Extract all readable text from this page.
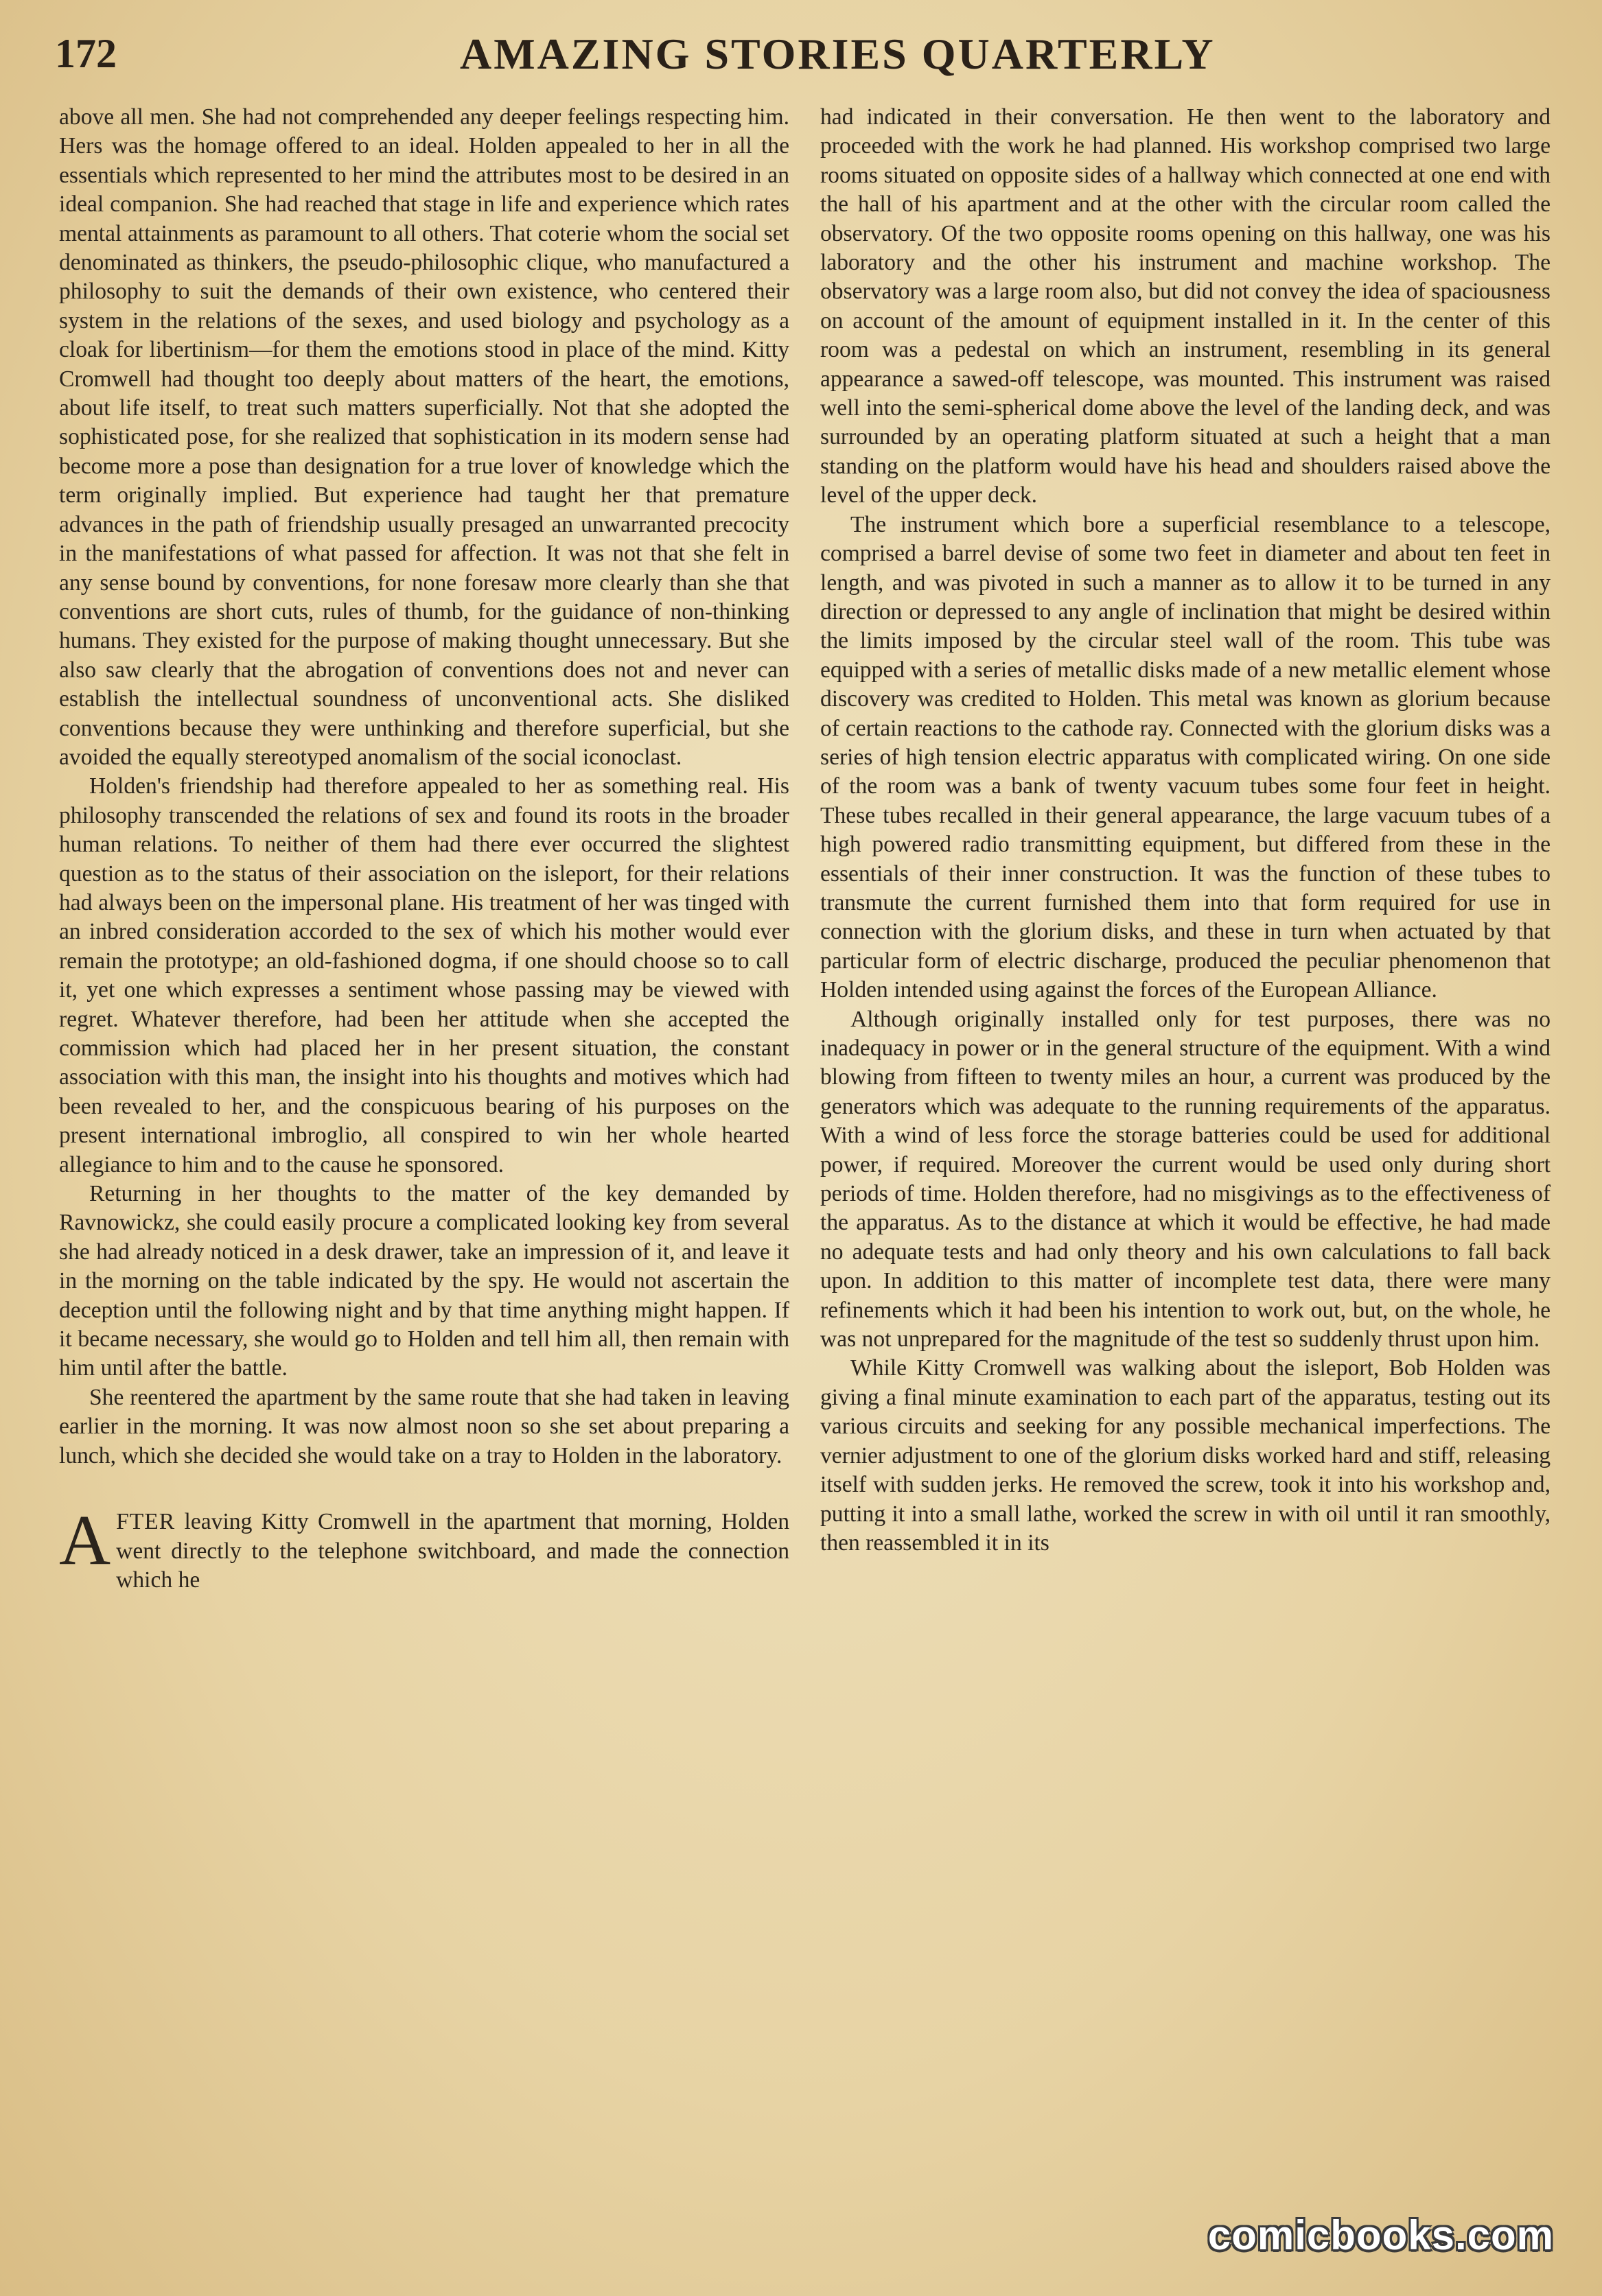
172	AMAZING STORIES QUARTERLY

above all men. She had not comprehended any deeper feelings respecting him. Hers was the homage offered to an ideal. Holden appealed to her in all the essentials which represented to her mind the attributes most to be desired in an ideal companion. She had reached that stage in life and experience which rates mental attainments as paramount to all others. That coterie whom the social set denominated as thinkers, the pseudo-philosophic clique, who manufactured a philosophy to suit the demands of their own existence, who centered their system in the relations of the sexes, and used biology and psychology as a cloak for libertinism—for them the emotions stood in place of the mind. Kitty Cromwell had thought too deeply about matters of the heart, the emotions, about life itself, to treat such matters superficially. Not that she adopted the sophisticated pose, for she realized that sophistication in its modern sense had become more a pose than designation for a true lover of knowledge which the term originally implied. But experience had taught her that premature advances in the path of friendship usually presaged an unwarranted precocity in the manifestations of what passed for affection. It was not that she felt in any sense bound by conventions, for none foresaw more clearly than she that conventions are short cuts, rules of thumb, for the guidance of non-thinking humans. They existed for the purpose of making thought unnecessary. But she also saw clearly that the abrogation of conventions does not and never can establish the intellectual soundness of unconventional acts. She disliked conventions because they were unthinking and therefore superficial, but she avoided the equally stereotyped anomalism of the social iconoclast.

Holden's friendship had therefore appealed to her as something real. His philosophy transcended the relations of sex and found its roots in the broader human relations. To neither of them had there ever occurred the slightest question as to the status of their association on the isleport, for their relations had always been on the impersonal plane. His treatment of her was tinged with an inbred consideration accorded to the sex of which his mother would ever remain the prototype; an old-fashioned dogma, if one should choose so to call it, yet one which expresses a sentiment whose passing may be viewed with regret. Whatever therefore, had been her attitude when she accepted the commission which had placed her in her present situation, the constant association with this man, the insight into his thoughts and motives which had been revealed to her, and the conspicuous bearing of his purposes on the present international imbroglio, all conspired to win her whole hearted allegiance to him and to the cause he sponsored.

Returning in her thoughts to the matter of the key demanded by Ravnowickz, she could easily procure a complicated looking key from several she had already noticed in a desk drawer, take an impression of it, and leave it in the morning on the table indicated by the spy. He would not ascertain the deception until the following night and by that time anything might happen. If it became necessary, she would go to Holden and tell him all, then remain with him until after the battle.

She reentered the apartment by the same route that she had taken in leaving earlier in the morning. It was now almost noon so she set about preparing a lunch, which she decided she would take on a tray to Holden in the laboratory.

AFTER leaving Kitty Cromwell in the apartment that morning, Holden went directly to the telephone switchboard, and made the connection which he

had indicated in their conversation. He then went to the laboratory and proceeded with the work he had planned. His workshop comprised two large rooms situated on opposite sides of a hallway which connected at one end with the hall of his apartment and at the other with the circular room called the observatory. Of the two opposite rooms opening on this hallway, one was his laboratory and the other his instrument and machine workshop. The observatory was a large room also, but did not convey the idea of spaciousness on account of the amount of equipment installed in it. In the center of this room was a pedestal on which an instrument, resembling in its general appearance a sawed-off telescope, was mounted. This instrument was raised well into the semi-spherical dome above the level of the landing deck, and was surrounded by an operating platform situated at such a height that a man standing on the platform would have his head and shoulders raised above the level of the upper deck.

The instrument which bore a superficial resemblance to a telescope, comprised a barrel devise of some two feet in diameter and about ten feet in length, and was pivoted in such a manner as to allow it to be turned in any direction or depressed to any angle of inclination that might be desired within the limits imposed by the circular steel wall of the room. This tube was equipped with a series of metallic disks made of a new metallic element whose discovery was credited to Holden. This metal was known as glorium because of certain reactions to the cathode ray. Connected with the glorium disks was a series of high tension electric apparatus with complicated wiring. On one side of the room was a bank of twenty vacuum tubes some four feet in height. These tubes recalled in their general appearance, the large vacuum tubes of a high powered radio transmitting equipment, but differed from these in the essentials of their inner construction. It was the function of these tubes to transmute the current furnished them into that form required for use in connection with the glorium disks, and these in turn when actuated by that particular form of electric discharge, produced the peculiar phenomenon that Holden intended using against the forces of the European Alliance.

Although originally installed only for test purposes, there was no inadequacy in power or in the general structure of the equipment. With a wind blowing from fifteen to twenty miles an hour, a current was produced by the generators which was adequate to the running requirements of the apparatus. With a wind of less force the storage batteries could be used for additional power, if required. Moreover the current would be used only during short periods of time. Holden therefore, had no misgivings as to the effectiveness of the apparatus. As to the distance at which it would be effective, he had made no adequate tests and had only theory and his own calculations to fall back upon. In addition to this matter of incomplete test data, there were many refinements which it had been his intention to work out, but, on the whole, he was not unprepared for the magnitude of the test so suddenly thrust upon him.

While Kitty Cromwell was walking about the isleport, Bob Holden was giving a final minute examination to each part of the apparatus, testing out its various circuits and seeking for any possible mechanical imperfections. The vernier adjustment to one of the glorium disks worked hard and stiff, releasing itself with sudden jerks. He removed the screw, took it into his workshop and, putting it into a small lathe, worked the screw in with oil until it ran smoothly, then reassembled it in its

comicbooks.com
